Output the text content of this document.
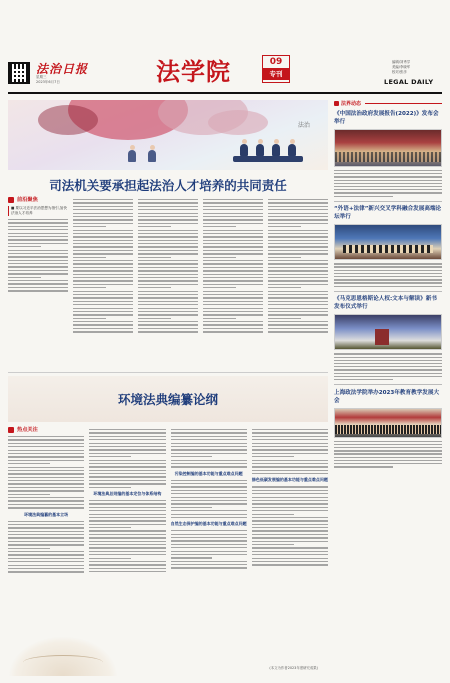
法治日报
星期三
2023年6月7日	法学院	09
专刊
编辑/刘秀学
美编/李晓军
校对/张彦
LEGAL DAILY
法治
司法机关要承担起法治人才培养的共同责任
前沿聚焦
■ 要以习近平法治思想为指引,加快法治人才培养
环境法典编纂论纲
热点关注
环境法典编纂的基本立场
环境法典总则编的基本定位与体系结构
污染控制编的基本功能与重点难点问题
自然生态保护编的基本功能与重点难点问题
绿色低碳发展编的基本功能与重点难点问题
(本文为作者2023年度研究成果)
法界动态
《中国法治政府发展报告(2022)》发布会举行
“外语+法律”新兴交叉学科融合发展高端论坛举行
《马克思恩格斯论人权:文本与解读》新书发布仪式举行
上海政法学院举办2023年教育教学发展大会
